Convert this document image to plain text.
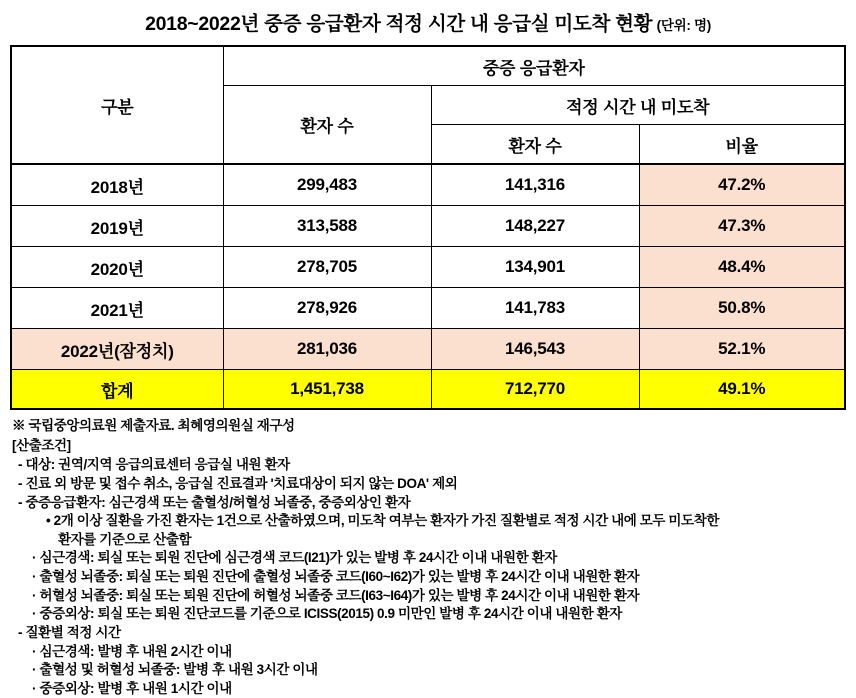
2018~2022년 중증 응급환자 적정 시간 내 응급실 미도착 현황 (단위: 명)
구분	중증 응급환자		
	환자 수	적정 시간 내 미도착	
		환자 수	비율
2018년	299,483	141,316	47.2%
2019년	313,588	148,227	47.3%
2020년	278,705	134,901	48.4%
2021년	278,926	141,783	50.8%
2022년(잠정치)	281,036	146,543	52.1%
합계	1,451,738	712,770	49.1%
※ 국립중앙의료원 제출자료. 최혜영의원실 재구성
[산출조건]
- 대상: 권역/지역 응급의료센터 응급실 내원 환자
- 진료 외 방문 및 접수 취소, 응급실 진료결과 '치료대상이 되지 않는 DOA' 제외
- 중증응급환자: 심근경색 또는 출혈성/허혈성 뇌졸중, 중증외상인 환자
• 2개 이상 질환을 가진 환자는 1건으로 산출하였으며, 미도착 여부는 환자가 가진 질환별로 적정 시간 내에 모두 미도착한
환자를 기준으로 산출함
· 심근경색: 퇴실 또는 퇴원 진단에 심근경색 코드(I21)가 있는 발병 후 24시간 이내 내원한 환자
· 출혈성 뇌졸중: 퇴실 또는 퇴원 진단에 출혈성 뇌졸중 코드(I60~I62)가 있는 발병 후 24시간 이내 내원한 환자
· 허혈성 뇌졸중: 퇴실 또는 퇴원 진단에 허혈성 뇌졸중 코드(I63~I64)가 있는 발병 후 24시간 이내 내원한 환자
· 중증외상: 퇴실 또는 퇴원 진단코드를 기준으로 ICISS(2015) 0.9 미만인 발병 후 24시간 이내 내원한 환자
- 질환별 적정 시간
· 심근경색: 발병 후 내원 2시간 이내
· 출혈성 및 허혈성 뇌졸중: 발병 후 내원 3시간 이내
· 중증외상: 발병 후 내원 1시간 이내
